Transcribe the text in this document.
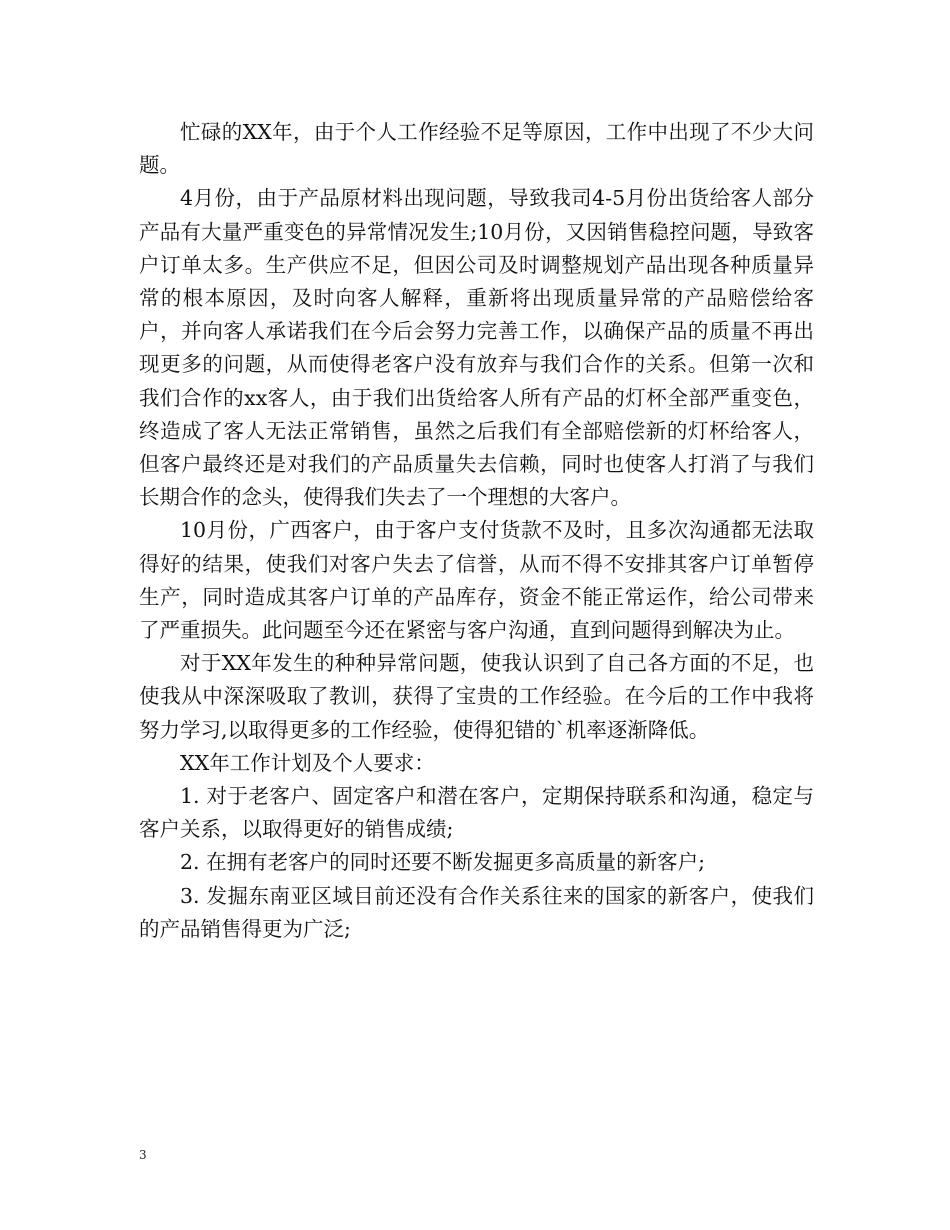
忙碌的XX年，由于个人工作经验不足等原因，工作中出现了不少大问题。

4月份，由于产品原材料出现问题，导致我司4-5月份出货给客人部分产品有大量严重变色的异常情况发生;10月份，又因销售稳控问题，导致客户订单太多。生产供应不足，但因公司及时调整规划产品出现各种质量异常的根本原因，及时向客人解释，重新将出现质量异常的产品赔偿给客户，并向客人承诺我们在今后会努力完善工作，以确保产品的质量不再出现更多的问题，从而使得老客户没有放弃与我们合作的关系。但第一次和我们合作的xx客人，由于我们出货给客人所有产品的灯杯全部严重变色，终造成了客人无法正常销售，虽然之后我们有全部赔偿新的灯杯给客人，但客户最终还是对我们的产品质量失去信赖，同时也使客人打消了与我们长期合作的念头，使得我们失去了一个理想的大客户。

10月份，广西客户，由于客户支付货款不及时，且多次沟通都无法取得好的结果，使我们对客户失去了信誉，从而不得不安排其客户订单暂停生产，同时造成其客户订单的产品库存，资金不能正常运作，给公司带来了严重损失。此问题至今还在紧密与客户沟通，直到问题得到解决为止。

对于XX年发生的种种异常问题，使我认识到了自己各方面的不足，也使我从中深深吸取了教训，获得了宝贵的工作经验。在今后的工作中我将努力学习,以取得更多的工作经验，使得犯错的`机率逐渐降低。

XX年工作计划及个人要求：

1. 对于老客户、固定客户和潜在客户，定期保持联系和沟通，稳定与客户关系，以取得更好的销售成绩;

2. 在拥有老客户的同时还要不断发掘更多高质量的新客户;

3. 发掘东南亚区域目前还没有合作关系往来的国家的新客户，使我们的产品销售得更为广泛;

3
